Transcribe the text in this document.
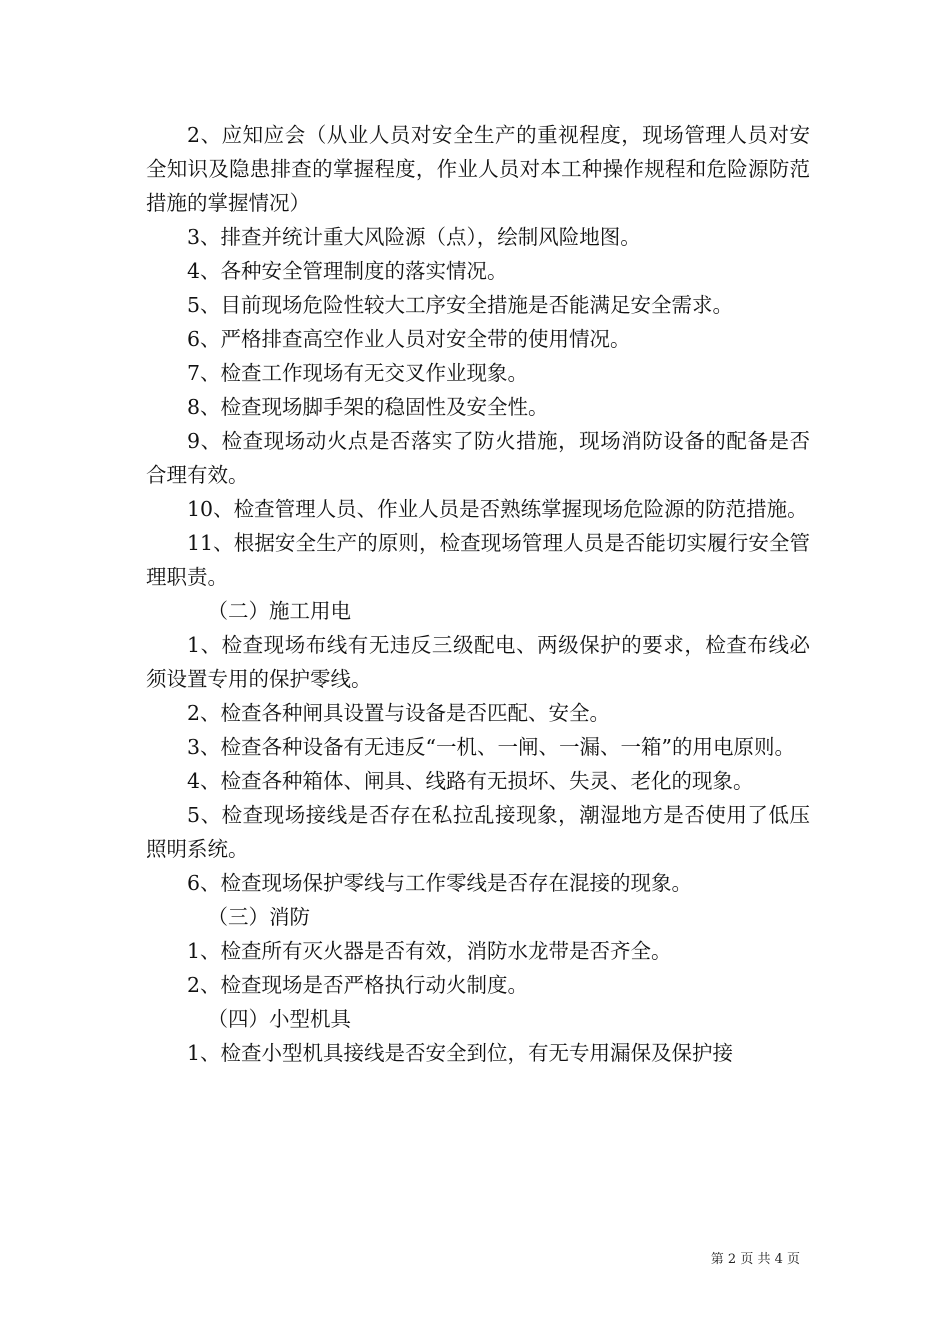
2、应知应会（从业人员对安全生产的重视程度，现场管理人员对安全知识及隐患排查的掌握程度，作业人员对本工种操作规程和危险源防范措施的掌握情况）

3、排查并统计重大风险源（点），绘制风险地图。

4、各种安全管理制度的落实情况。

5、目前现场危险性较大工序安全措施是否能满足安全需求。

6、严格排查高空作业人员对安全带的使用情况。

7、检查工作现场有无交叉作业现象。

8、检查现场脚手架的稳固性及安全性。

9、检查现场动火点是否落实了防火措施，现场消防设备的配备是否合理有效。

10、检查管理人员、作业人员是否熟练掌握现场危险源的防范措施。

11、根据安全生产的原则，检查现场管理人员是否能切实履行安全管理职责。

（二）施工用电

1、检查现场布线有无违反三级配电、两级保护的要求，检查布线必须设置专用的保护零线。

2、检查各种闸具设置与设备是否匹配、安全。

3、检查各种设备有无违反“一机、一闸、一漏、一箱”的用电原则。

4、检查各种箱体、闸具、线路有无损坏、失灵、老化的现象。

5、检查现场接线是否存在私拉乱接现象，潮湿地方是否使用了低压照明系统。

6、检查现场保护零线与工作零线是否存在混接的现象。

（三）消防

1、检查所有灭火器是否有效，消防水龙带是否齐全。

2、检查现场是否严格执行动火制度。

（四）小型机具

1、检查小型机具接线是否安全到位，有无专用漏保及保护接

第 2 页 共 4 页
